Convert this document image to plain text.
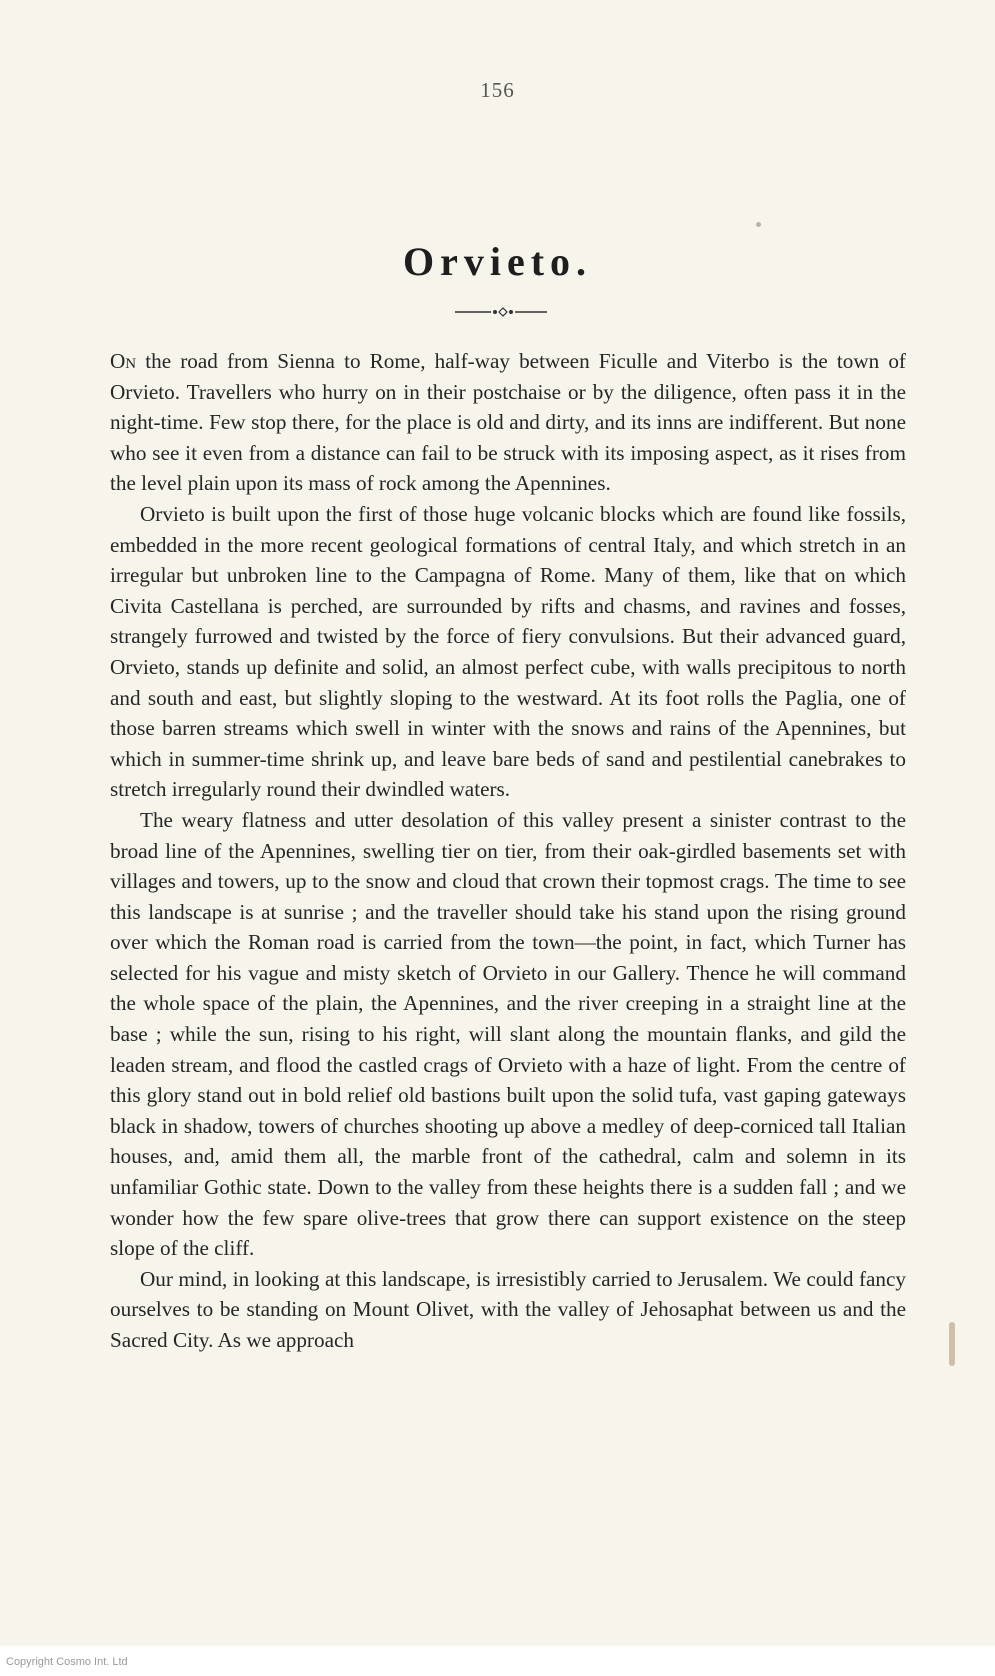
156
Orvieto.

On the road from Sienna to Rome, half-way between Ficulle and Viterbo is the town of Orvieto. Travellers who hurry on in their postchaise or by the diligence, often pass it in the night-time. Few stop there, for the place is old and dirty, and its inns are indifferent. But none who see it even from a distance can fail to be struck with its imposing aspect, as it rises from the level plain upon its mass of rock among the Apennines.

Orvieto is built upon the first of those huge volcanic blocks which are found like fossils, embedded in the more recent geological formations of central Italy, and which stretch in an irregular but unbroken line to the Campagna of Rome. Many of them, like that on which Civita Castellana is perched, are surrounded by rifts and chasms, and ravines and fosses, strangely furrowed and twisted by the force of fiery convulsions. But their advanced guard, Orvieto, stands up definite and solid, an almost perfect cube, with walls precipitous to north and south and east, but slightly sloping to the westward. At its foot rolls the Paglia, one of those barren streams which swell in winter with the snows and rains of the Apennines, but which in summer-time shrink up, and leave bare beds of sand and pestilential canebrakes to stretch irregularly round their dwindled waters.

The weary flatness and utter desolation of this valley present a sinister contrast to the broad line of the Apennines, swelling tier on tier, from their oak-girdled basements set with villages and towers, up to the snow and cloud that crown their topmost crags. The time to see this landscape is at sunrise ; and the traveller should take his stand upon the rising ground over which the Roman road is carried from the town—the point, in fact, which Turner has selected for his vague and misty sketch of Orvieto in our Gallery. Thence he will command the whole space of the plain, the Apennines, and the river creeping in a straight line at the base ; while the sun, rising to his right, will slant along the mountain flanks, and gild the leaden stream, and flood the castled crags of Orvieto with a haze of light. From the centre of this glory stand out in bold relief old bastions built upon the solid tufa, vast gaping gateways black in shadow, towers of churches shooting up above a medley of deep-corniced tall Italian houses, and, amid them all, the marble front of the cathedral, calm and solemn in its unfamiliar Gothic state. Down to the valley from these heights there is a sudden fall ; and we wonder how the few spare olive-trees that grow there can support existence on the steep slope of the cliff.

Our mind, in looking at this landscape, is irresistibly carried to Jerusalem. We could fancy ourselves to be standing on Mount Olivet, with the valley of Jehosaphat between us and the Sacred City. As we approach

Copyright Cosmo Int. Ltd
